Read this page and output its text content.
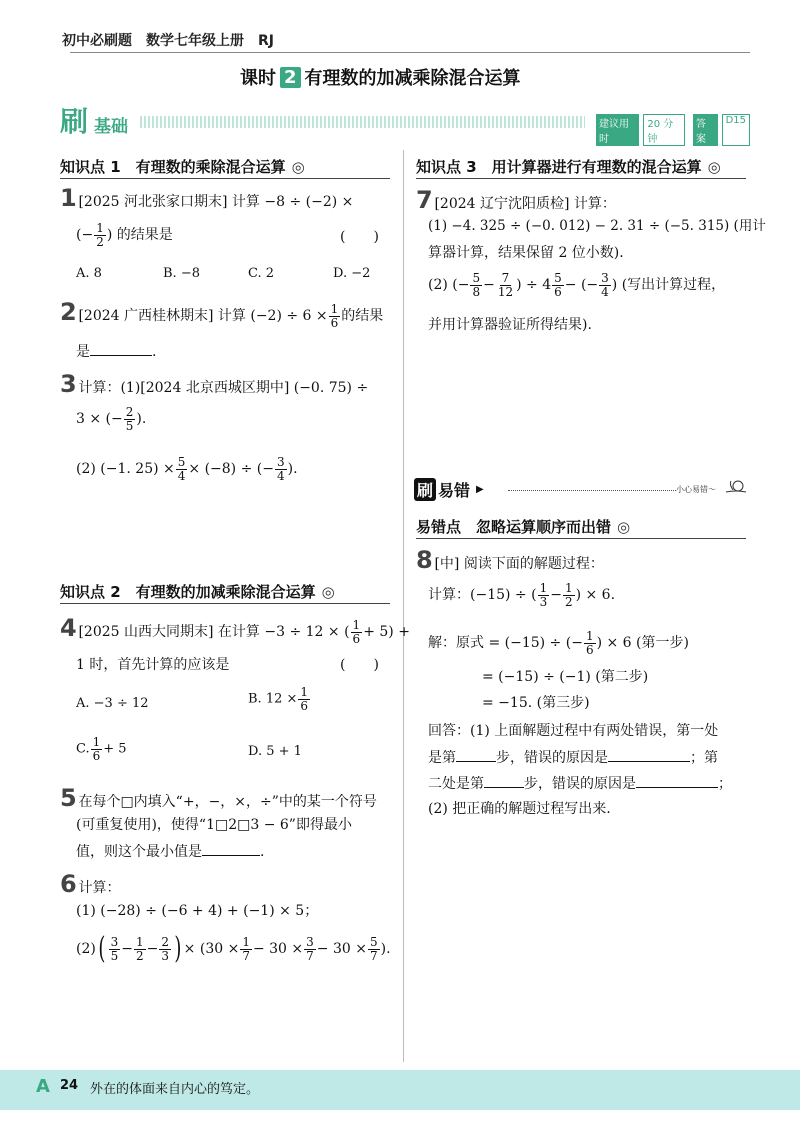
初中必刷题　数学七年级上册　RJ
课时 2 有理数的加减乘除混合运算
刷 基础	建议用时
20 分钟
答案
D15
知识点 1　有理数的乘除混合运算 ◎
1 [2025 河北张家口期末] 计算 −8 ÷ (−2) ×
(− $\frac{1}{2}$ ) 的结果是	(　　)
A. 8	B. −8	C. 2	D. −2
2 [2024 广西桂林期末] 计算 $(-2) \div 6 \times \frac{1}{6}$ 的结果
是	.
3 计算：(1)[2024 北京西城区期中] (−0. 75) ÷
3 × (− $\frac{2}{5}$ ).
(2) (−1. $25) \times \frac{5}{4} \times (-8)$ ÷ (− $\frac{3}{4}$ ).
知识点 2　有理数的加减乘除混合运算 ◎
4 [2025 山西大同期末] 在计算 −3 ÷ 12 × ( $\frac{1}{6} + 5$) +
1 时，首先计算的应该是	(　　)
A. −3 ÷ 12	B. $12 \times \frac{1}{6}$
C. $\frac{1}{6} + 5$	D. 5 + 1
5 在每个□内填入“+，−，×，÷”中的某一个符号
(可重复使用)，使得“1□2□3 − 6”即得最小
值，则这个最小值是	.
6 计算：
(1) (−28) ÷ (−6 + 4) + (−1) × 5；
$(2)( \frac{3}{5} - \frac{1}{2} - \frac{2}{3}$ ) × ($30 \times \frac{1}{7} - 30 \times \frac{3}{7} - 30 \times \frac{5}{7}$ ).
知识点 3　用计算器进行有理数的混合运算 ◎
7 [2024 辽宁沈阳质检] 计算：
(1) −4. 325 ÷ (−0. 012) − 2. 31 ÷ (−5. 315) (用计
算器计算，结果保留 2 位小数).
(2) (− $\frac{5}{8} - \frac{7}{12}$ ) ÷ $4 \frac{5}{6}$ − (− $\frac{3}{4}$ ) (写出计算过程，
并用计算器验证所得结果).
刷 易错 ▶	小心易错～
易错点　忽略运算顺序而出错 ◎
8 [中] 阅读下面的解题过程：
计算：(−15) ÷ ( $\frac{1}{3} - \frac{1}{2}$ ) × 6.
解：原式 = (−15) ÷ (− $\frac{1}{6}$ ) × 6 (第一步)
= (−15) ÷ (−1) (第二步)
= −15. (第三步)
回答：(1) 上面解题过程中有两处错误，第一处
是第	步，错误的原因是	；第
二处是第	步，错误的原因是	；
(2) 把正确的解题过程写出来.
A 24 外在的体面来自内心的笃定。
